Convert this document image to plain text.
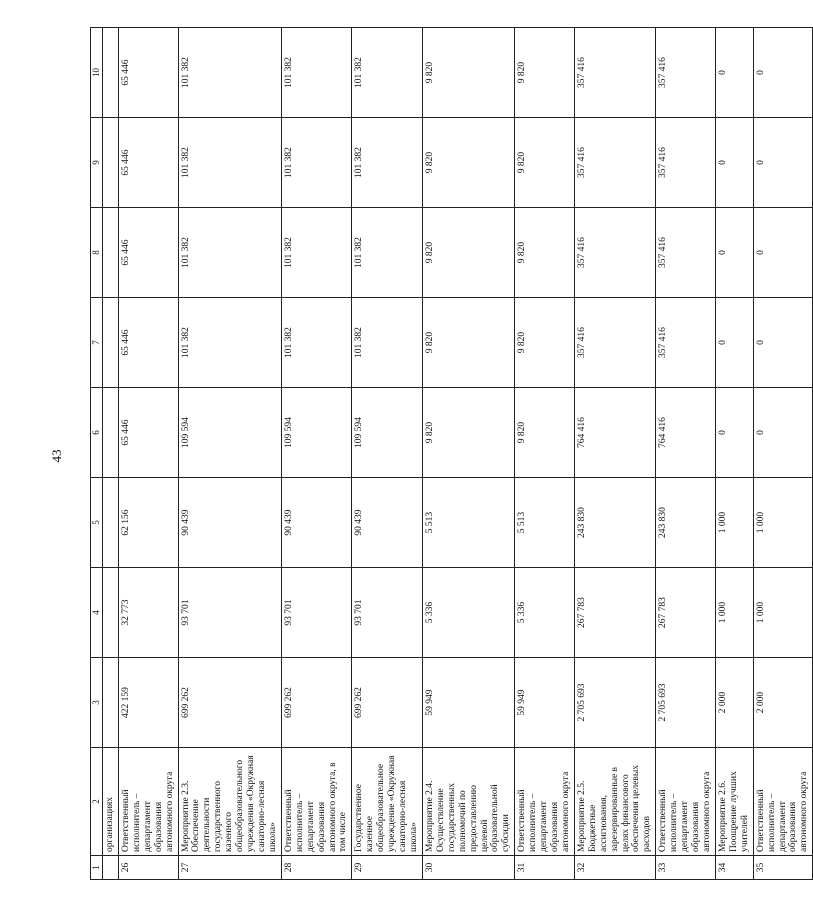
43
1	2	3	4	5	6	7	8	9	10
	организациях								
26	Ответственный исполнитель – департамент образования автономного округа	422 159	32 773	62 156	65 446	65 446	65 446	65 446	65 446
27	Мероприятие 2.3. Обеспечение деятельности государственного казенного общеобразовательного учреждения «Окружная санаторно-лесная школа»	699 262	93 701	90 439	109 594	101 382	101 382	101 382	101 382
28	Ответственный исполнитель – департамент образования автономного округа, в том числе	699 262	93 701	90 439	109 594	101 382	101 382	101 382	101 382
29	Государственное казенное общеобразовательное учреждение «Окружная санаторно-лесная школа»	699 262	93 701	90 439	109 594	101 382	101 382	101 382	101 382
30	Мероприятие 2.4. Осуществление государственных полномочий по предоставлению целевой образовательной субсидии	59 949	5 336	5 513	9 820	9 820	9 820	9 820	9 820
31	Ответственный исполнитель – департамент образования автономного округа	59 949	5 336	5 513	9 820	9 820	9 820	9 820	9 820
32	Мероприятие 2.5. Бюджетные ассигнования, зарезервированные в целях финансового обеспечения целевых расходов	2 705 693	267 783	243 830	764 416	357 416	357 416	357 416	357 416
33	Ответственный исполнитель – департамент образования автономного округа	2 705 693	267 783	243 830	764 416	357 416	357 416	357 416	357 416
34	Мероприятие 2.6. Поощрение лучших учителей	2 000	1 000	1 000	0	0	0	0	0
35	Ответственный исполнитель – департамент образования автономного округа	2 000	1 000	1 000	0	0	0	0	0
